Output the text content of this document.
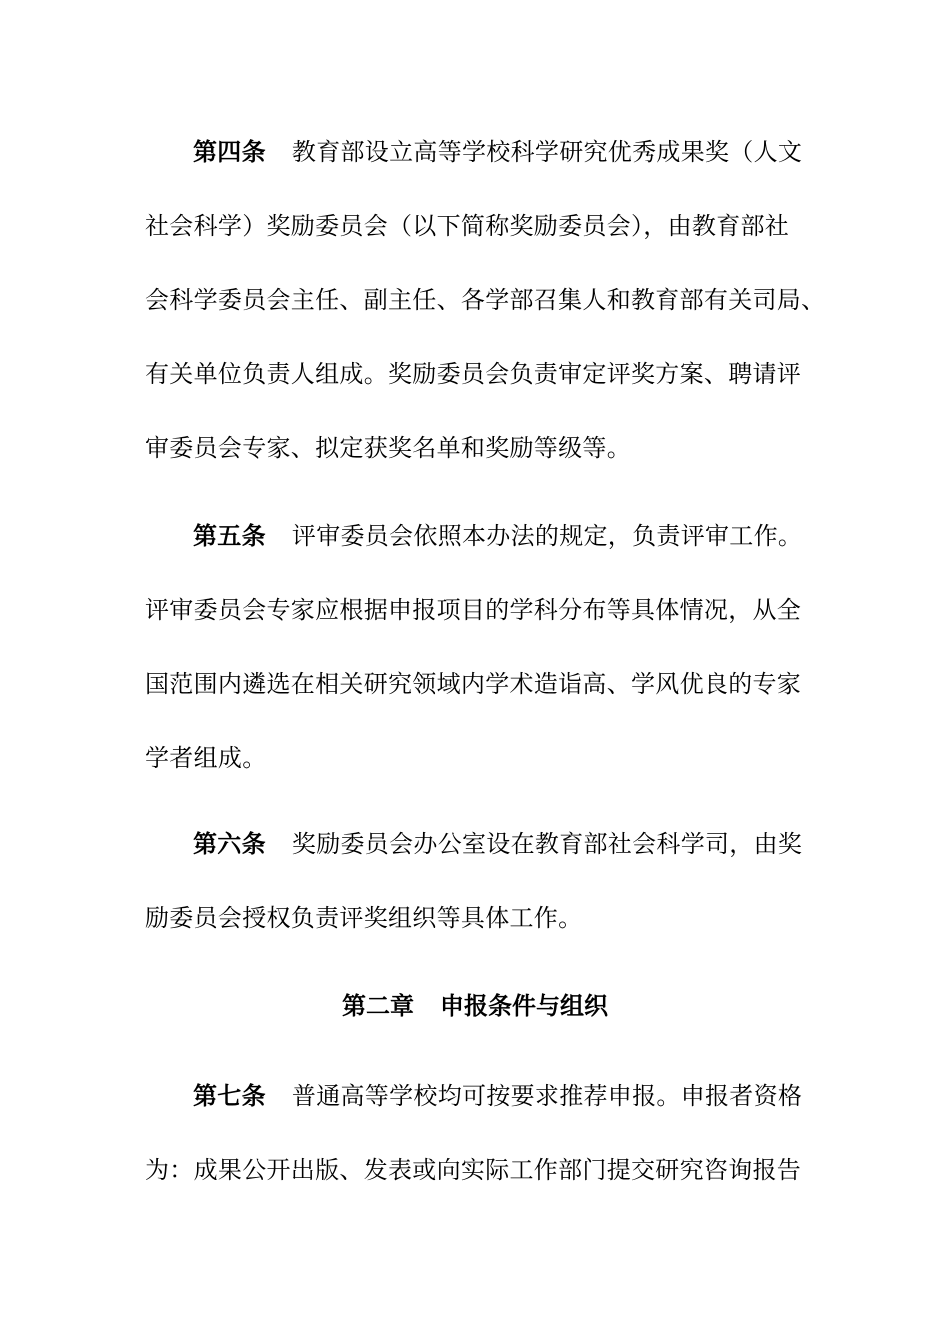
第四条 教育部设立高等学校科学研究优秀成果奖（人文
社会科学）奖励委员会（以下简称奖励委员会），由教育部社
会科学委员会主任、副主任、各学部召集人和教育部有关司局、
有关单位负责人组成。奖励委员会负责审定评奖方案、聘请评
审委员会专家、拟定获奖名单和奖励等级等。
第五条 评审委员会依照本办法的规定，负责评审工作。
评审委员会专家应根据申报项目的学科分布等具体情况，从全
国范围内遴选在相关研究领域内学术造诣高、学风优良的专家
学者组成。
第六条 奖励委员会办公室设在教育部社会科学司，由奖
励委员会授权负责评奖组织等具体工作。
第二章 申报条件与组织
第七条 普通高等学校均可按要求推荐申报。申报者资格
为：成果公开出版、发表或向实际工作部门提交研究咨询报告
